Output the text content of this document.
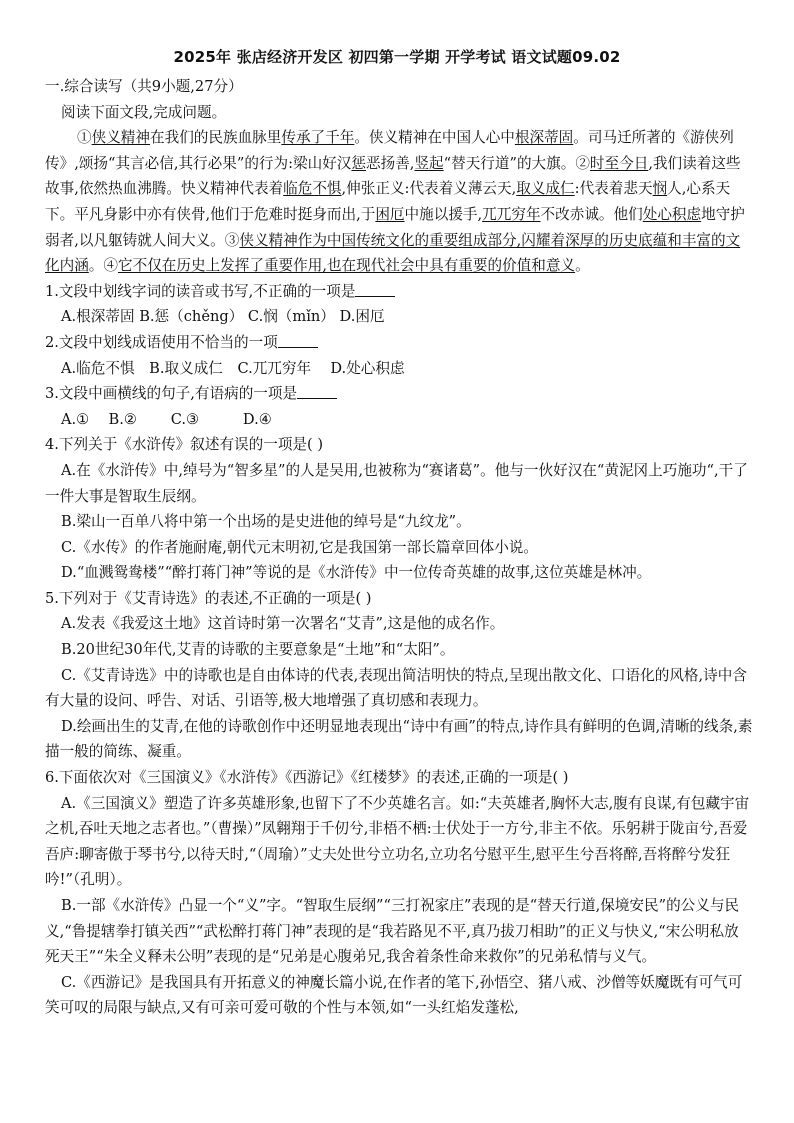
2025年 张店经济开发区 初四第一学期 开学考试 语文试题09.02

一.综合读写（共9小题,27分）

阅读下面文段,完成问题。

①侠义精神在我们的民族血脉里传承了千年。侠义精神在中国人心中根深蒂固。司马迁所著的《游侠列传》,颂扬“其言必信,其行必果”的行为:梁山好汉惩恶扬善,竖起“替天行道”的大旗。②时至今日,我们读着这些故事,依然热血沸腾。快义精神代表着临危不惧,伸张正义:代表着义薄云天,取义成仁:代表着悲天悯人,心系天下。平凡身影中亦有侠骨,他们于危难时挺身而出,于困厄中施以援手,兀兀穷年不改赤诚。他们处心积虑地守护弱者,以凡躯铸就人间大义。③侠义精神作为中国传统文化的重要组成部分,闪耀着深厚的历史底蕴和丰富的文化内涵。④它不仅在历史上发挥了重要作用,也在现代社会中具有重要的价值和意义。

1.文段中划线字词的读音或书写,不正确的一项是

A.根深蒂固 B.惩（chěng） C.悯（mǐn） D.困厄

2.文段中划线成语使用不恰当的一项

A.临危不惧　B.取义成仁　C.兀兀穷年　 D.处心积虑

3.文段中画横线的句子,有语病的一项是

A.①　 B.②　　 C.③　　　D.④

4.下列关于《水浒传》叙述有误的一项是( )

A.在《水浒传》中,绰号为“智多星”的人是吴用,也被称为“赛诸葛”。他与一伙好汉在“黄泥冈上巧施功“,干了一件大事是智取生辰纲。

B.梁山一百单八将中第一个出场的是史进他的绰号是“九纹龙”。

C.《水传》的作者施耐庵,朝代元末明初,它是我国第一部长篇章回体小说。

D.“血溅鸳鸯楼”“醉打蒋门神”等说的是《水浒传》中一位传奇英雄的故事,这位英雄是林冲。

5.下列对于《艾青诗选》的表述,不正确的一项是( )

A.发表《我爱这土地》这首诗时第一次署名“艾青”,这是他的成名作。

B.20世纪30年代,艾青的诗歌的主要意象是“土地”和“太阳”。

C.《艾青诗选》中的诗歌也是自由体诗的代表,表现出简洁明快的特点,呈现出散文化、口语化的风格,诗中含有大量的设问、呼告、对话、引语等,极大地增强了真切感和表现力。

D.绘画出生的艾青,在他的诗歌创作中还明显地表现出“诗中有画”的特点,诗作具有鲜明的色调,清晰的线条,素描一般的简练、凝重。

6.下面依次对《三国演义》《水浒传》《西游记》《红楼梦》的表述,正确的一项是( )

A.《三国演义》塑造了许多英雄形象,也留下了不少英雄名言。如:“夫英雄者,胸怀大志,腹有良谋,有包藏宇宙之机,吞吐天地之志者也。”（曹操）”凤翱翔于千仞兮,非梧不栖:士伏处于一方兮,非主不依。乐躬耕于陇亩兮,吾爱吾庐:聊寄傲于琴书兮,以待天时,“（周瑜）”丈夫处世兮立功名,立功名兮慰平生,慰平生兮吾将醉,吾将醉兮发狂吟!”（孔明）。

B.一部《水浒传》凸显一个“义”字。“智取生辰纲”“三打祝家庄”表现的是“替天行道,保境安民”的公义与民义,“鲁提辖拳打镇关西”“武松醉打蒋门神”表现的是“我若路见不平,真乃拔刀相助”的正义与快义,“宋公明私放死天王”“朱全义释未公明”表现的是“兄弟是心腹弟兄,我舍着条性命来救你”的兄弟私情与义气。

C.《西游记》是我国具有开拓意义的神魔长篇小说,在作者的笔下,孙悟空、猪八戒、沙僧等妖魔既有可气可笑可叹的局限与缺点,又有可亲可爱可敬的个性与本领,如“一头红焰发蓬松,
